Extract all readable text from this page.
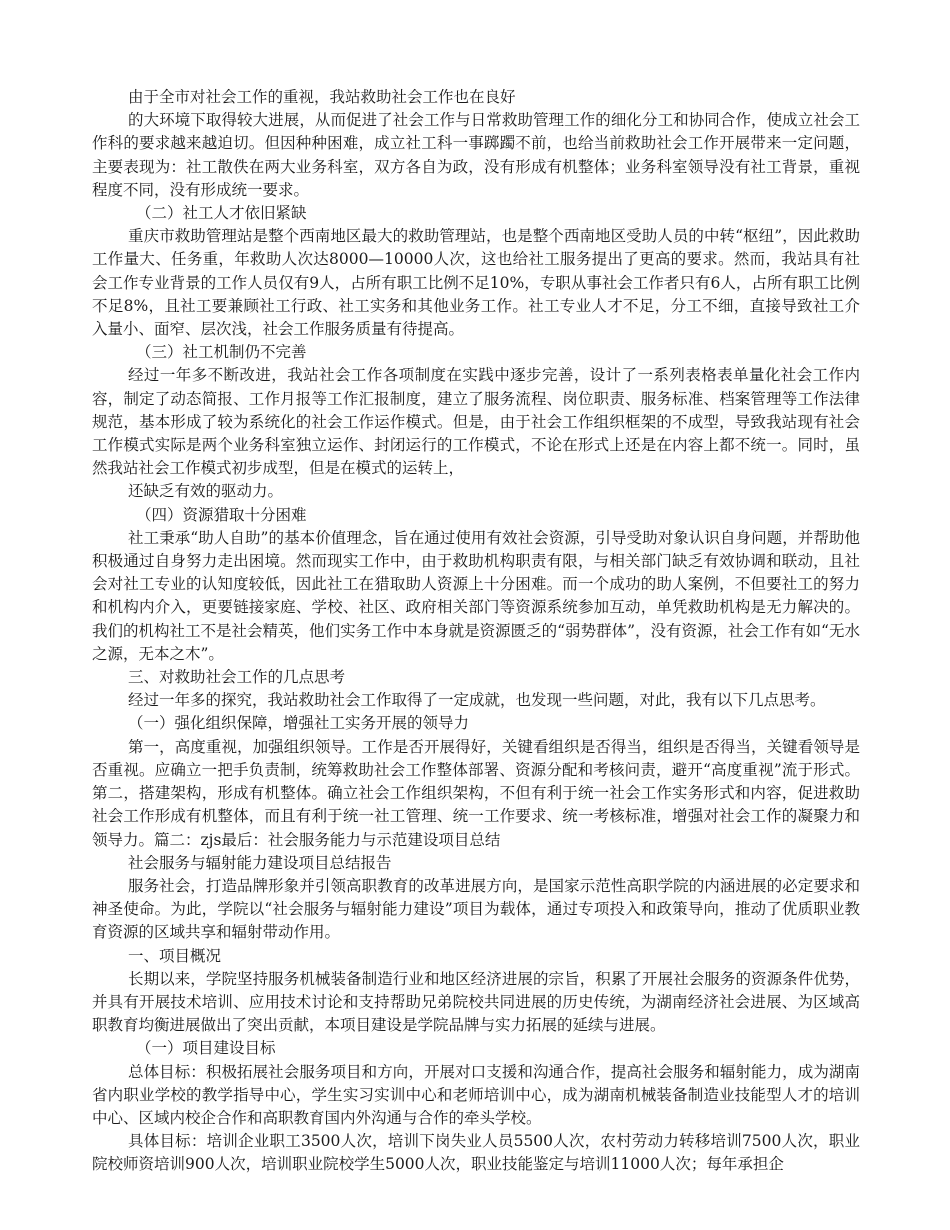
由于全市对社会工作的重视，我站救助社会工作也在良好

的大环境下取得较大进展，从而促进了社会工作与日常救助管理工作的细化分工和协同合作，使成立社会工作科的要求越来越迫切。但因种种困难，成立社工科一事踯躅不前，也给当前救助社会工作开展带来一定问题，主要表现为：社工散佚在两大业务科室，双方各自为政，没有形成有机整体；业务科室领导没有社工背景，重视程度不同，没有形成统一要求。

（二）社工人才依旧紧缺

重庆市救助管理站是整个西南地区最大的救助管理站，也是整个西南地区受助人员的中转“枢纽”，因此救助工作量大、任务重，年救助人次达8000—10000人次，这也给社工服务提出了更高的要求。然而，我站具有社会工作专业背景的工作人员仅有9人，占所有职工比例不足10%，专职从事社会工作者只有6人，占所有职工比例不足8%，且社工要兼顾社工行政、社工实务和其他业务工作。社工专业人才不足，分工不细，直接导致社工介入量小、面窄、层次浅，社会工作服务质量有待提高。

（三）社工机制仍不完善

经过一年多不断改进，我站社会工作各项制度在实践中逐步完善，设计了一系列表格表单量化社会工作内容，制定了动态简报、工作月报等工作汇报制度，建立了服务流程、岗位职责、服务标准、档案管理等工作法律规范，基本形成了较为系统化的社会工作运作模式。但是，由于社会工作组织框架的不成型，导致我站现有社会工作模式实际是两个业务科室独立运作、封闭运行的工作模式，不论在形式上还是在内容上都不统一。同时，虽然我站社会工作模式初步成型，但是在模式的运转上，

还缺乏有效的驱动力。

（四）资源猎取十分困难

社工秉承“助人自助”的基本价值理念，旨在通过使用有效社会资源，引导受助对象认识自身问题，并帮助他积极通过自身努力走出困境。然而现实工作中，由于救助机构职责有限，与相关部门缺乏有效协调和联动，且社会对社工专业的认知度较低，因此社工在猎取助人资源上十分困难。而一个成功的助人案例，不但要社工的努力和机构内介入，更要链接家庭、学校、社区、政府相关部门等资源系统参加互动，单凭救助机构是无力解决的。我们的机构社工不是社会精英，他们实务工作中本身就是资源匮乏的“弱势群体”，没有资源，社会工作有如“无水之源，无本之木”。

三、对救助社会工作的几点思考

经过一年多的探究，我站救助社会工作取得了一定成就，也发现一些问题，对此，我有以下几点思考。

（一）强化组织保障，增强社工实务开展的领导力

第一，高度重视，加强组织领导。工作是否开展得好，关键看组织是否得当，组织是否得当，关键看领导是否重视。应确立一把手负责制，统筹救助社会工作整体部署、资源分配和考核问责，避开“高度重视”流于形式。第二，搭建架构，形成有机整体。确立社会工作组织架构，不但有利于统一社会工作实务形式和内容，促进救助社会工作形成有机整体，而且有利于统一社工管理、统一工作要求、统一考核标准，增强对社会工作的凝聚力和领导力。篇二：zjs最后：社会服务能力与示范建设项目总结

社会服务与辐射能力建设项目总结报告

服务社会，打造品牌形象并引领高职教育的改革进展方向，是国家示范性高职学院的内涵进展的必定要求和神圣使命。为此，学院以“社会服务与辐射能力建设”项目为载体，通过专项投入和政策导向，推动了优质职业教育资源的区域共享和辐射带动作用。

一、项目概况

长期以来，学院坚持服务机械装备制造行业和地区经济进展的宗旨，积累了开展社会服务的资源条件优势，并具有开展技术培训、应用技术讨论和支持帮助兄弟院校共同进展的历史传统，为湖南经济社会进展、为区域高职教育均衡进展做出了突出贡献，本项目建设是学院品牌与实力拓展的延续与进展。

（一）项目建设目标

总体目标：积极拓展社会服务项目和方向，开展对口支援和沟通合作，提高社会服务和辐射能力，成为湖南省内职业学校的教学指导中心，学生实习实训中心和老师培训中心，成为湖南机械装备制造业技能型人才的培训中心、区域内校企合作和高职教育国内外沟通与合作的牵头学校。

具体目标：培训企业职工3500人次，培训下岗失业人员5500人次，农村劳动力转移培训7500人次，职业院校师资培训900人次，培训职业院校学生5000人次，职业技能鉴定与培训11000人次；每年承担企
